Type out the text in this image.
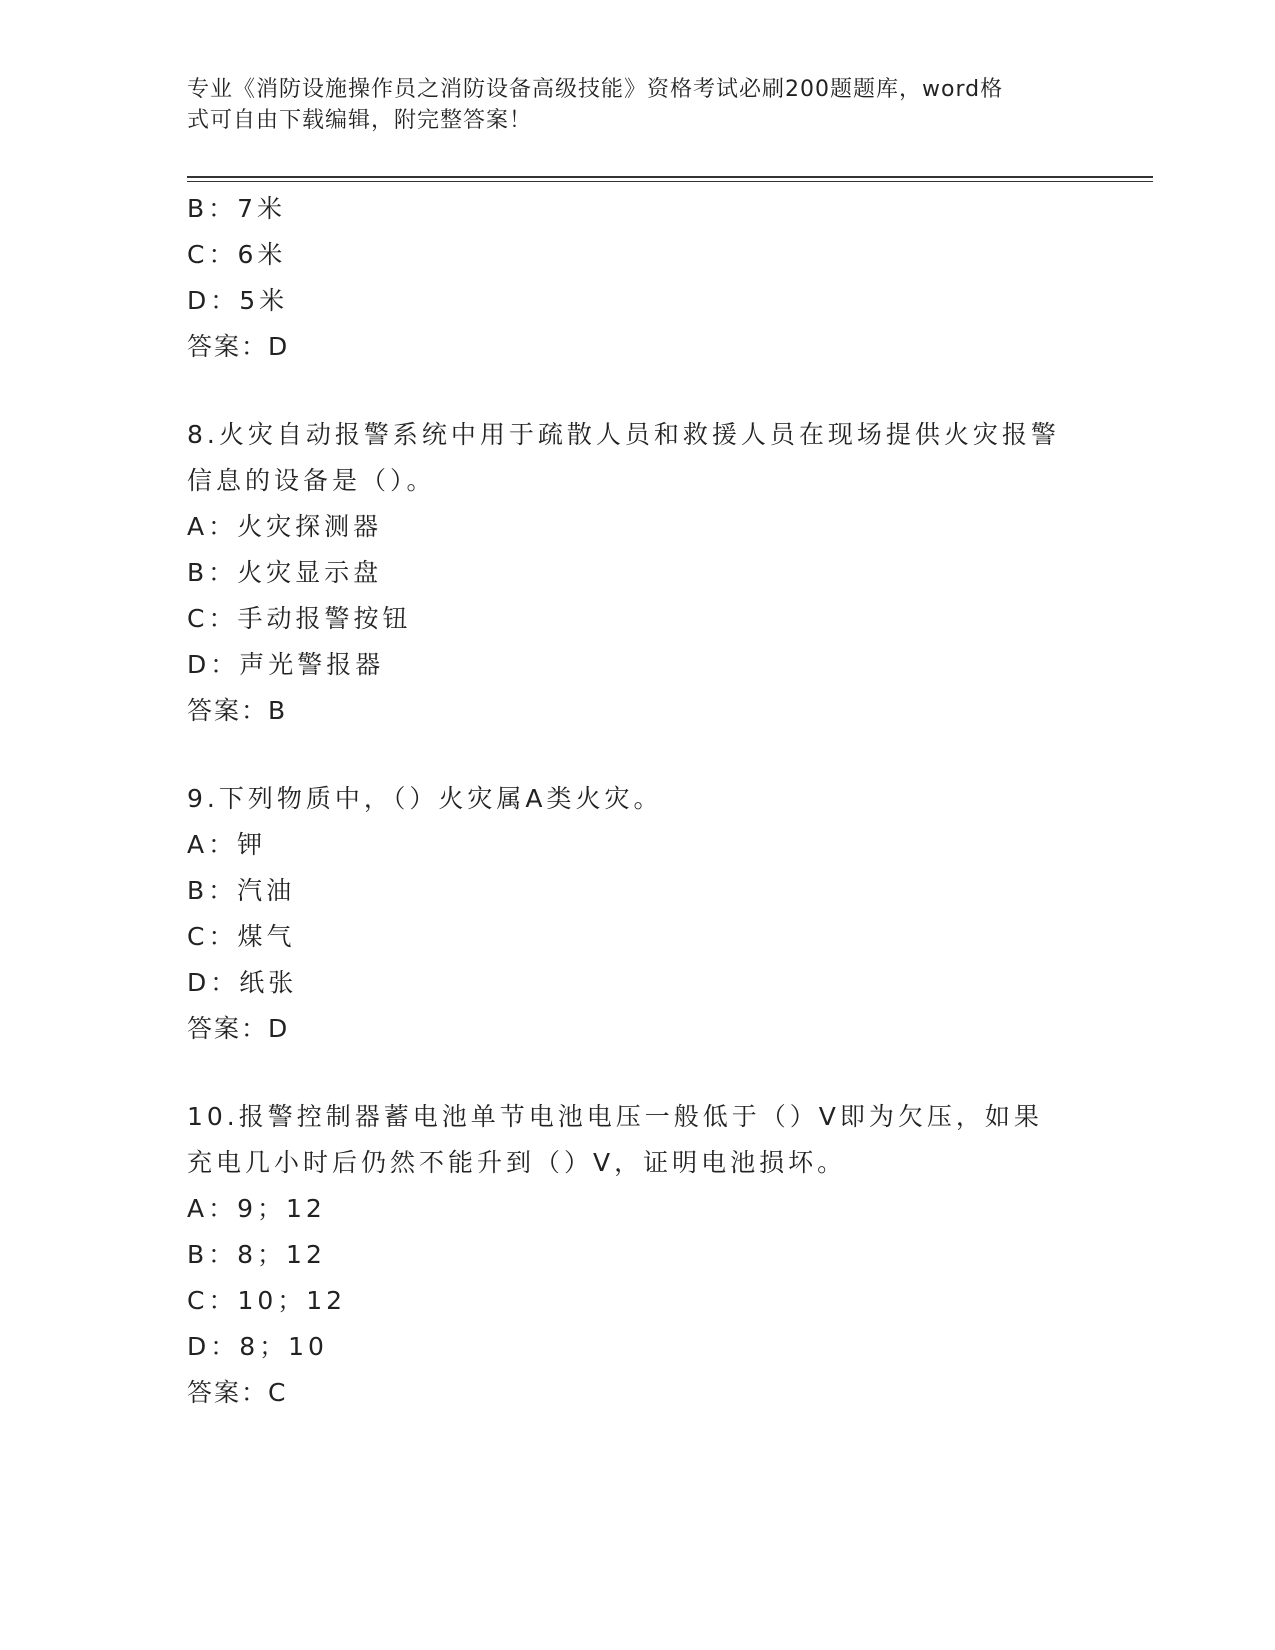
专业《消防设施操作员之消防设备高级技能》资格考试必刷200题题库，word格
式可自由下载编辑，附完整答案！

B：7米

C：6米

D：5米

答案：D

8.火灾自动报警系统中用于疏散人员和救援人员在现场提供火灾报警信息的设备是（）。

A：火灾探测器

B：火灾显示盘

C：手动报警按钮

D：声光警报器

答案：B

9.下列物质中，（）火灾属A类火灾。

A：钾

B：汽油

C：煤气

D：纸张

答案：D

10.报警控制器蓄电池单节电池电压一般低于（）V即为欠压，如果充电几小时后仍然不能升到（）V，证明电池损坏。

A：9；12

B：8；12

C：10；12

D：8；10

答案：C
